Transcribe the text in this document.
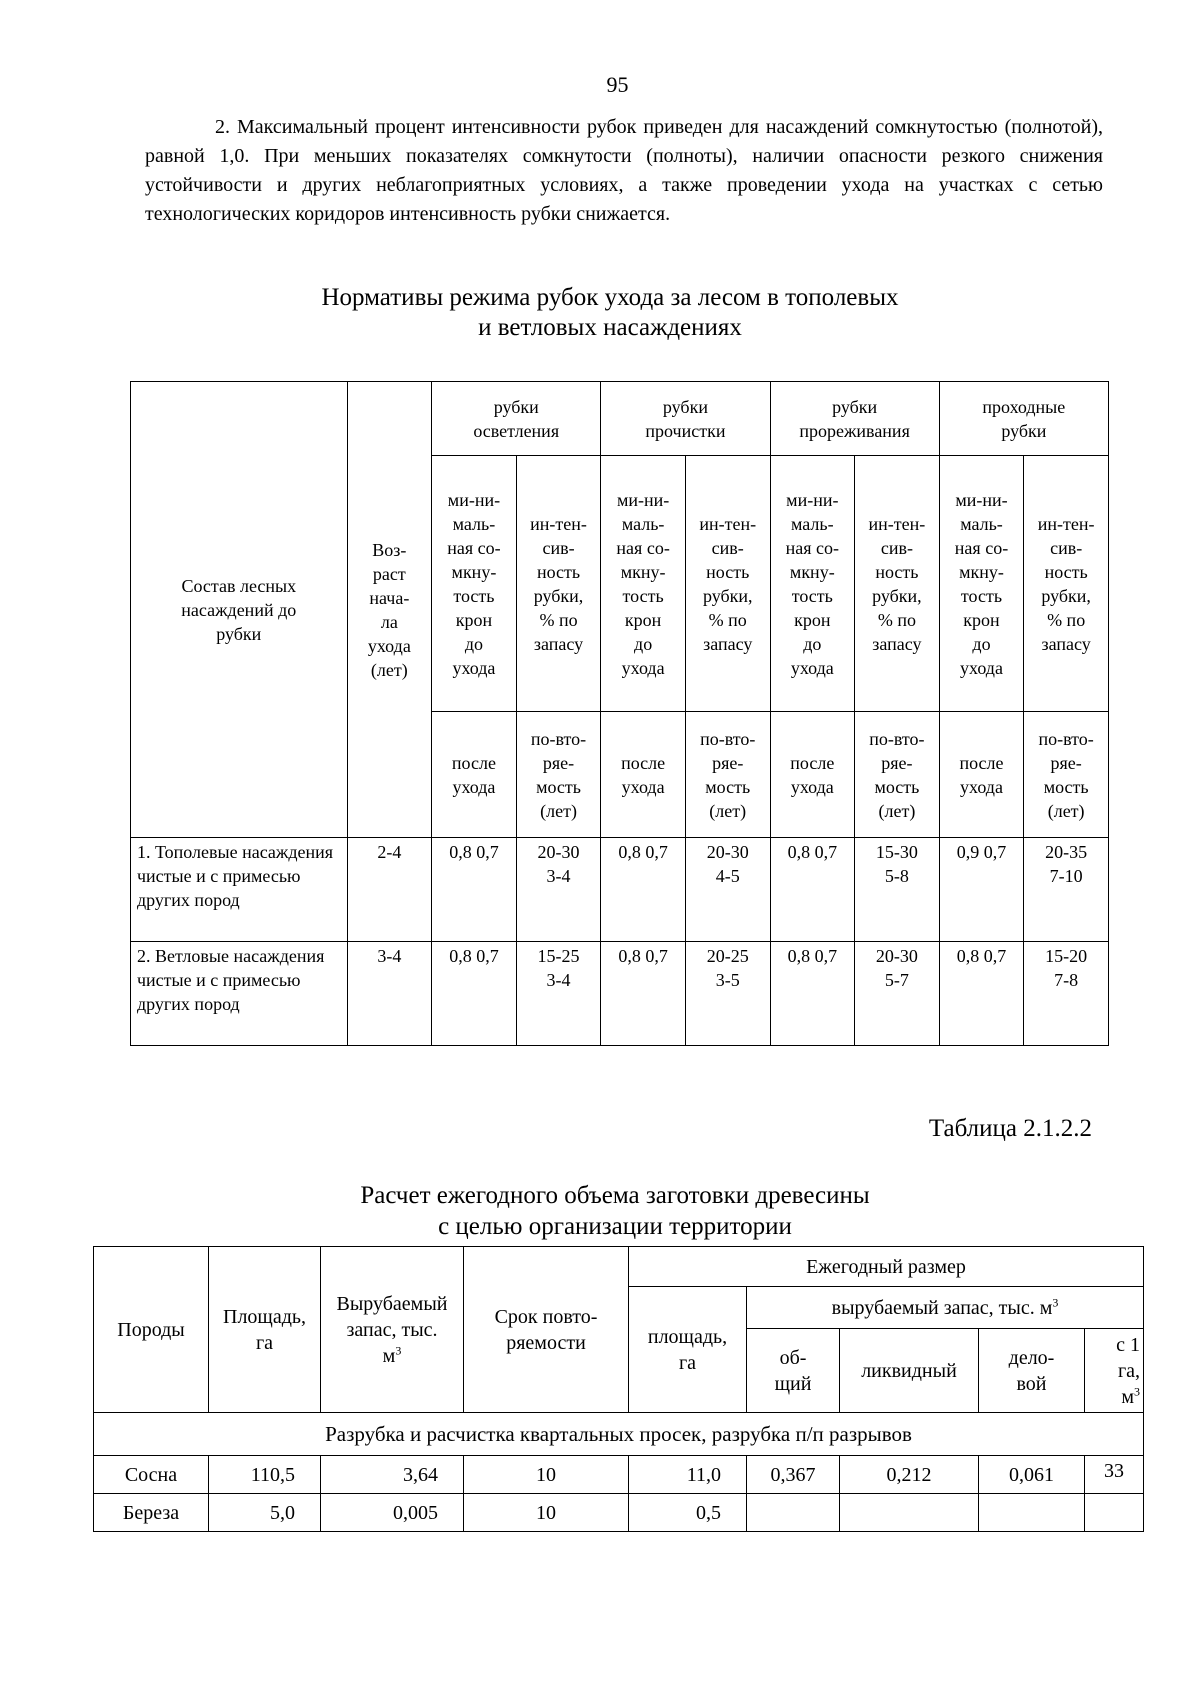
95
2. Максимальный процент интенсивности рубок приведен для насаждений сомкнутостью (полнотой), равной 1,0. При меньших показателях сомкнутости (полноты), наличии опасности резкого снижения устойчивости и других неблагоприятных условиях, а также проведении ухода на участках с сетью технологических коридоров интенсивность рубки снижается.
Нормативы режима рубок ухода за лесом в тополевых
и ветловых насаждениях
Состав лесных насаждений до рубки	Воз-раст нача-ла ухода (лет)	рубки осветления		рубки прочистки		рубки прореживания		проходные рубки	

		ми-ни-маль-ная со-мкну-тость крон до ухода	ин-тен-сив-ность рубки, % по запасу	ми-ни-маль-ная со-мкну-тость крон до ухода	ин-тен-сив-ность рубки, % по запасу	ми-ни-маль-ная со-мкну-тость крон до ухода	ин-тен-сив-ность рубки, % по запасу	ми-ни-маль-ная со-мкну-тость крон до ухода	ин-тен-сив-ность рубки, % по запасу

		после ухода	по-вто-ряе-мость (лет)	после ухода	по-вто-ряе-мость (лет)	после ухода	по-вто-ряе-мость (лет)	после ухода	по-вто-ряе-мость (лет)

1. Тополевые насаждения чистые и с примесью других пород	2-4	0,8 0,7	20-30 3-4	0,8 0,7	20-30 4-5	0,8 0,7	15-30 5-8	0,9 0,7	20-35 7-10

2. Ветловые насаждения чистые и с примесью других пород	3-4	0,8 0,7	15-25 3-4	0,8 0,7	20-25 3-5	0,8 0,7	20-30 5-7	0,8 0,7	15-20 7-8
Таблица 2.1.2.2
Расчет ежегодного объема заготовки древесины
с целью организации территории
Породы	Площадь, га	Вырубаемый запас, тыс. $м^3$	Срок повто-ряемости	Ежегодный размер				

				площадь, га	вырубаемый запас, тыс. $м^3$

					об-щий	ликвидный	дело-вой	с 1 га, $м^3$

Разрубка и расчистка квартальных просек, разрубка п/п разрывов								
Сосна	110,5	3,64	10	11,0	0,367	0,212	0,061	33
Береза	5,0	0,005	10	0,5				
